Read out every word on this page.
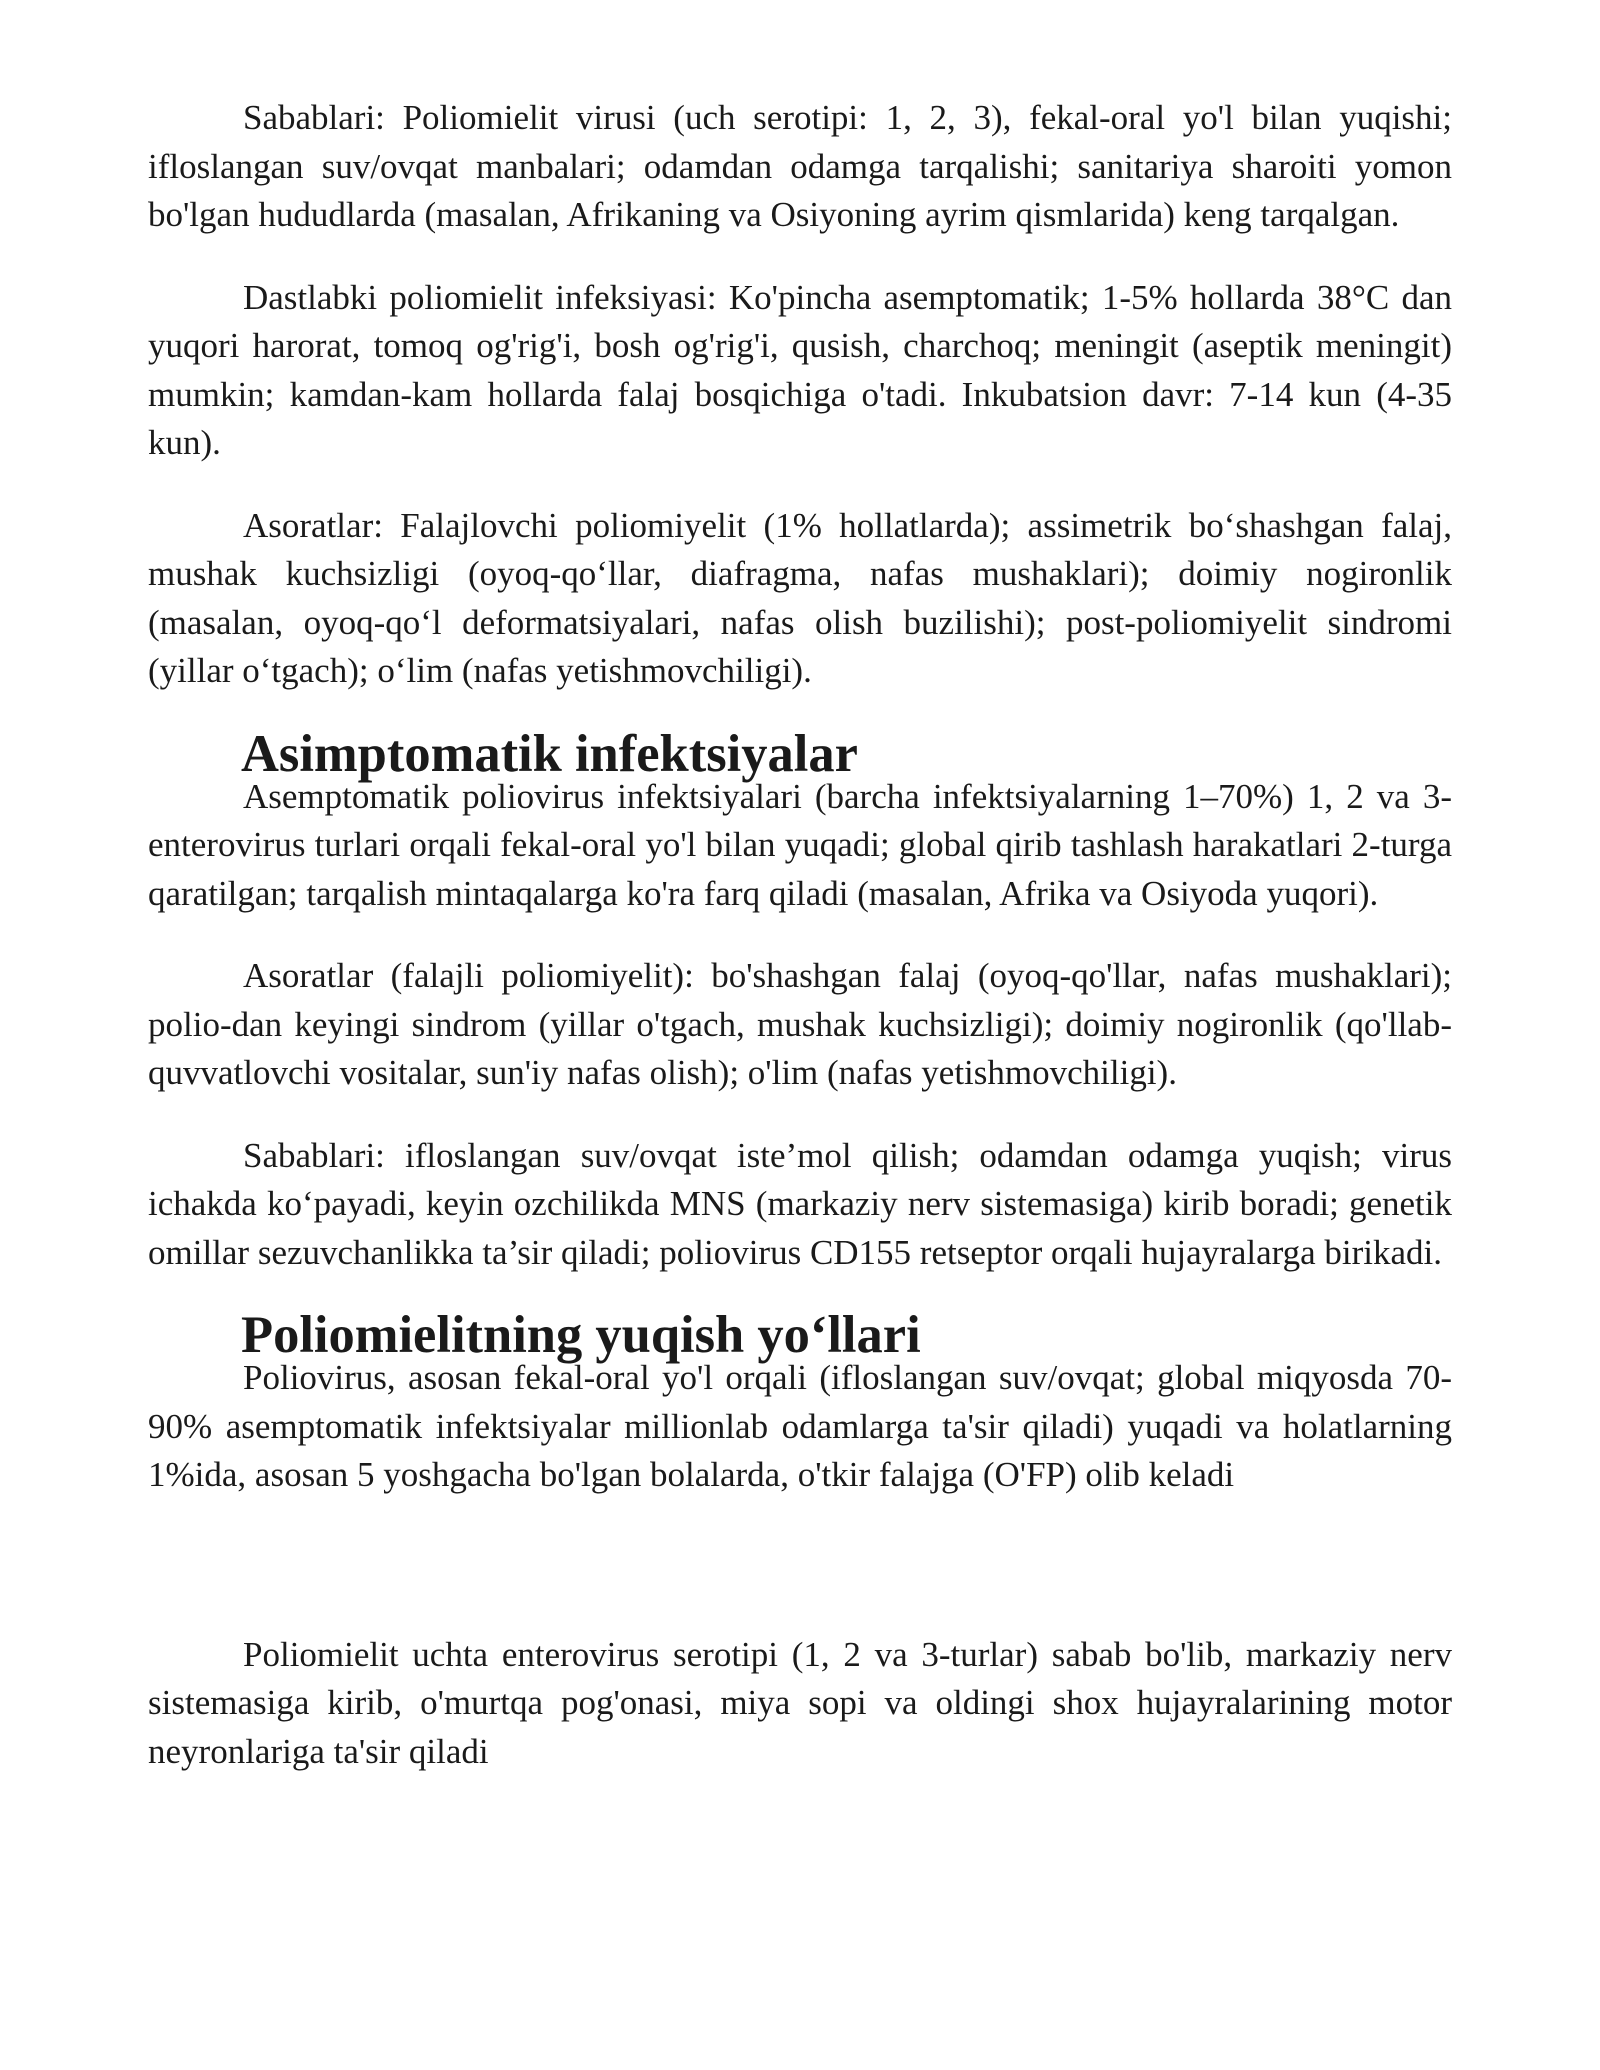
Sabablari: Poliomielit virusi (uch serotipi: 1, 2, 3), fekal-oral yo'l bilan yuqishi; ifloslangan suv/ovqat manbalari; odamdan odamga tarqalishi; sanitariya sharoiti yomon bo'lgan hududlarda (masalan, Afrikaning va Osiyoning ayrim qismlarida) keng tarqalgan.

Dastlabki poliomielit infeksiyasi: Ko'pincha asemptomatik; 1-5% hollarda 38°C dan yuqori harorat, tomoq og'rig'i, bosh og'rig'i, qusish, charchoq; meningit (aseptik meningit) mumkin; kamdan-kam hollarda falaj bosqichiga o'tadi. Inkubatsion davr: 7-14 kun (4-35 kun).

Asoratlar: Falajlovchi poliomiyelit (1% hollatlarda); assimetrik bo‘shashgan falaj, mushak kuchsizligi (oyoq-qo‘llar, diafragma, nafas mushaklari); doimiy nogironlik (masalan, oyoq-qo‘l deformatsiyalari, nafas olish buzilishi); post-poliomiyelit sindromi (yillar o‘tgach); o‘lim (nafas yetishmovchiligi).

Asimptomatik infektsiyalar

Asemptomatik poliovirus infektsiyalari (barcha infektsiyalarning 1–70%) 1, 2 va 3-enterovirus turlari orqali fekal-oral yo'l bilan yuqadi; global qirib tashlash harakatlari 2-turga qaratilgan; tarqalish mintaqalarga ko'ra farq qiladi (masalan, Afrika va Osiyoda yuqori).

Asoratlar (falajli poliomiyelit): bo'shashgan falaj (oyoq-qo'llar, nafas mushaklari); polio-dan keyingi sindrom (yillar o'tgach, mushak kuchsizligi); doimiy nogironlik (qo'llab-quvvatlovchi vositalar, sun'iy nafas olish); o'lim (nafas yetishmovchiligi).

Sabablari: ifloslangan suv/ovqat iste’mol qilish; odamdan odamga yuqish; virus ichakda ko‘payadi, keyin ozchilikda MNS (markaziy nerv sistemasiga) kirib boradi; genetik omillar sezuvchanlikka ta’sir qiladi; poliovirus CD155 retseptor orqali hujayralarga birikadi.

Poliomielitning yuqish yo‘llari

Poliovirus, asosan fekal-oral yo'l orqali (ifloslangan suv/ovqat; global miqyosda 70-90% asemptomatik infektsiyalar millionlab odamlarga ta'sir qiladi) yuqadi va holatlarning 1%ida, asosan 5 yoshgacha bo'lgan bolalarda, o'tkir falajga (O'FP) olib keladi

Poliomielit uchta enterovirus serotipi (1, 2 va 3-turlar) sabab bo'lib, markaziy nerv sistemasiga kirib, o'murtqa pog'onasi, miya sopi va oldingi shox hujayralarining motor neyronlariga ta'sir qiladi
